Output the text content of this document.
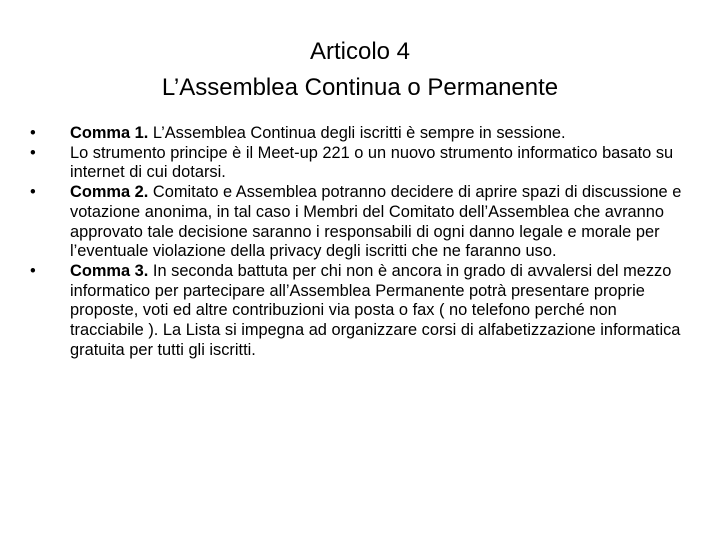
Articolo 4
L’Assemblea Continua o Permanente
•	Comma 1. L’Assemblea Continua degli iscritti è sempre in sessione.
•	Lo strumento principe è il Meet-up 221 o un nuovo strumento informatico basato su internet di cui dotarsi.
•	Comma 2. Comitato e Assemblea potranno decidere di aprire spazi di discussione e votazione anonima, in tal caso i Membri del Comitato dell’Assemblea che avranno approvato tale decisione saranno i responsabili di ogni danno legale e morale per l’eventuale violazione della privacy degli iscritti che ne faranno uso.
•	Comma 3. In seconda battuta per chi non è ancora in grado di avvalersi del mezzo informatico per partecipare all’Assemblea Permanente potrà presentare proprie proposte, voti ed altre contribuzioni via posta o fax ( no telefono perché non tracciabile ). La Lista si impegna ad organizzare corsi di alfabetizzazione informatica gratuita per tutti gli iscritti.
